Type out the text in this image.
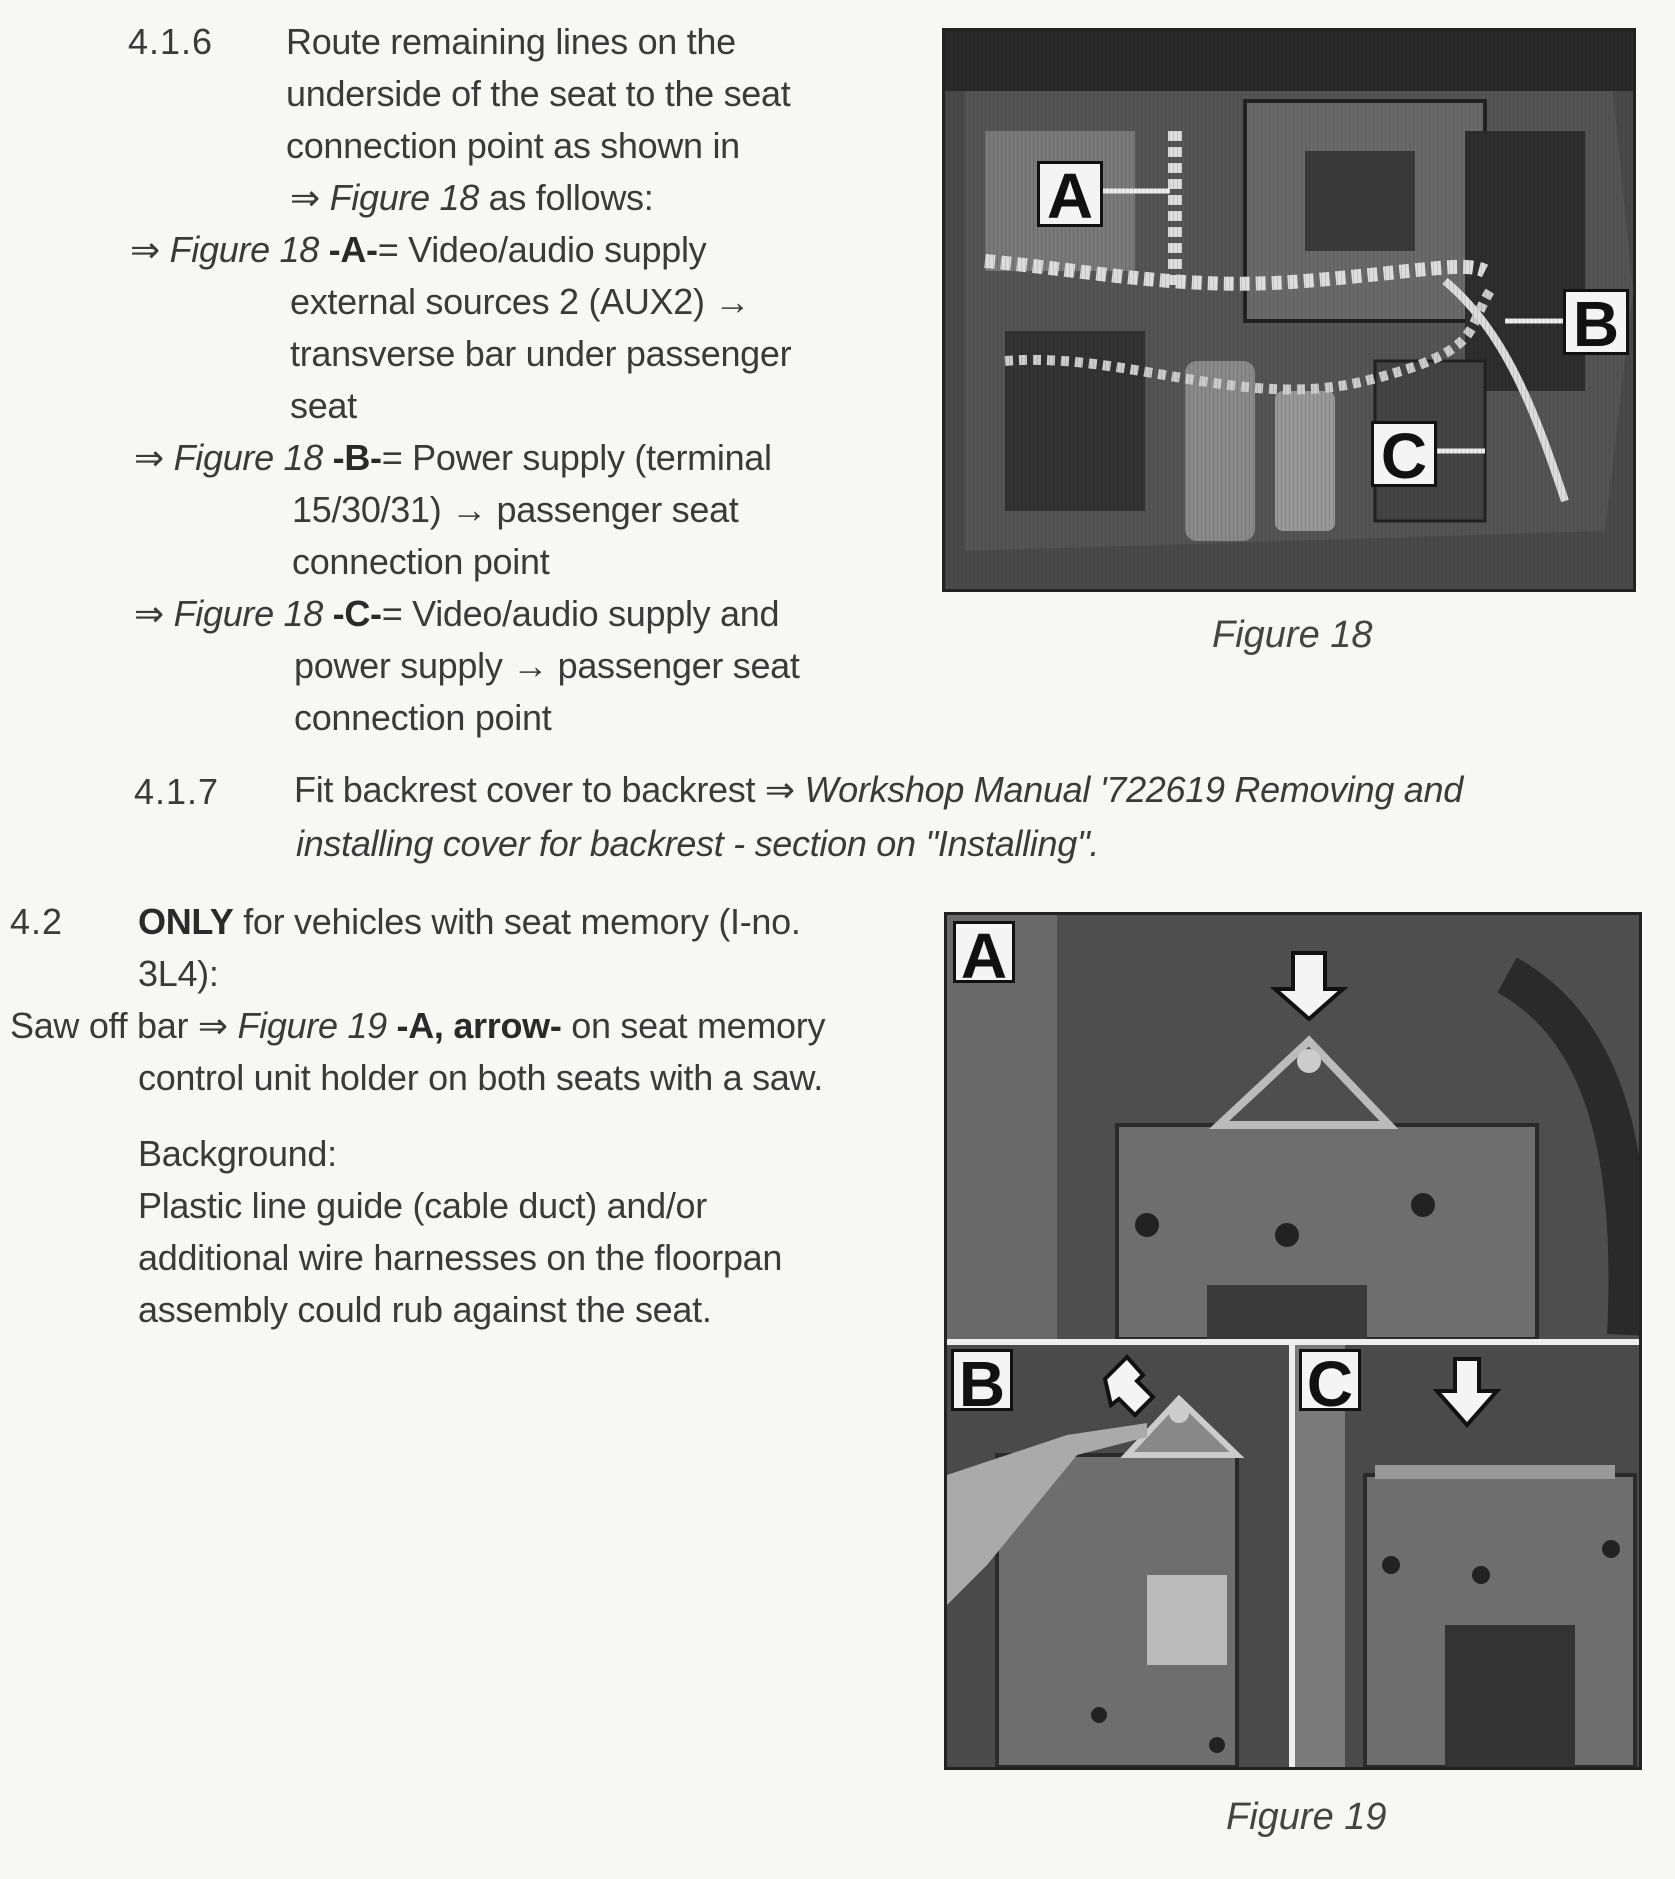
4.1.6 Route remaining lines on the
underside of the seat to the seat
connection point as shown in
⇒ Figure 18 as follows:
⇒ Figure 18 -A-= Video/audio supply
external sources 2 (AUX2) →
transverse bar under passenger
seat
⇒ Figure 18 -B-= Power supply (terminal
15/30/31) → passenger seat
connection point
⇒ Figure 18 -C-= Video/audio supply and
power supply → passenger seat
connection point
4.1.7 Fit backrest cover to backrest ⇒ Workshop Manual '722619 Removing and
installing cover for backrest - section on "Installing".
4.2 ONLY for vehicles with seat memory (I-no.
3L4):
Saw off bar ⇒ Figure 19 -A, arrow- on seat memory
control unit holder on both seats with a saw.
Background:
Plastic line guide (cable duct) and/or
additional wire harnesses on the floorpan
assembly could rub against the seat.
A
B
C
Figure 18
A
B	C
Figure 19
